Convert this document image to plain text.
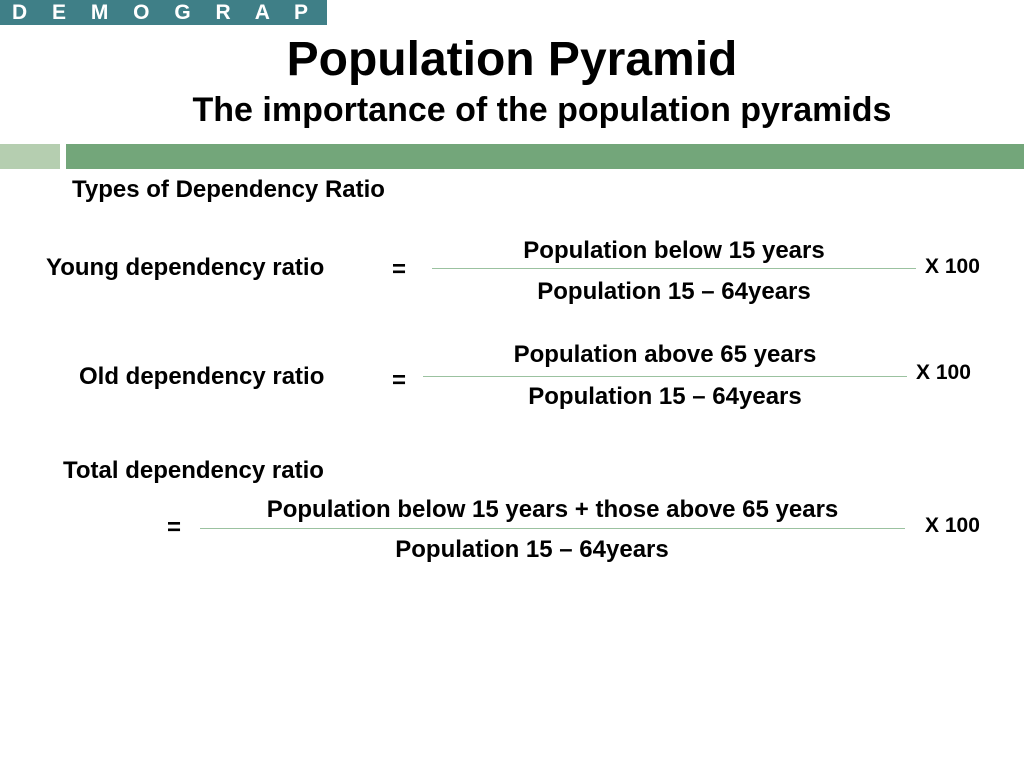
D E M O G R A P H Y
Population Pyramid
The importance of the population pyramids
Types of Dependency Ratio
Young dependency ratio	=
Population below 15 years
Population 15 – 64years
X 100
Old dependency ratio	=
Population above 65 years
Population 15 – 64years
X 100
Total dependency ratio
=
Population below 15 years + those above 65 years
Population 15 – 64years
X 100
